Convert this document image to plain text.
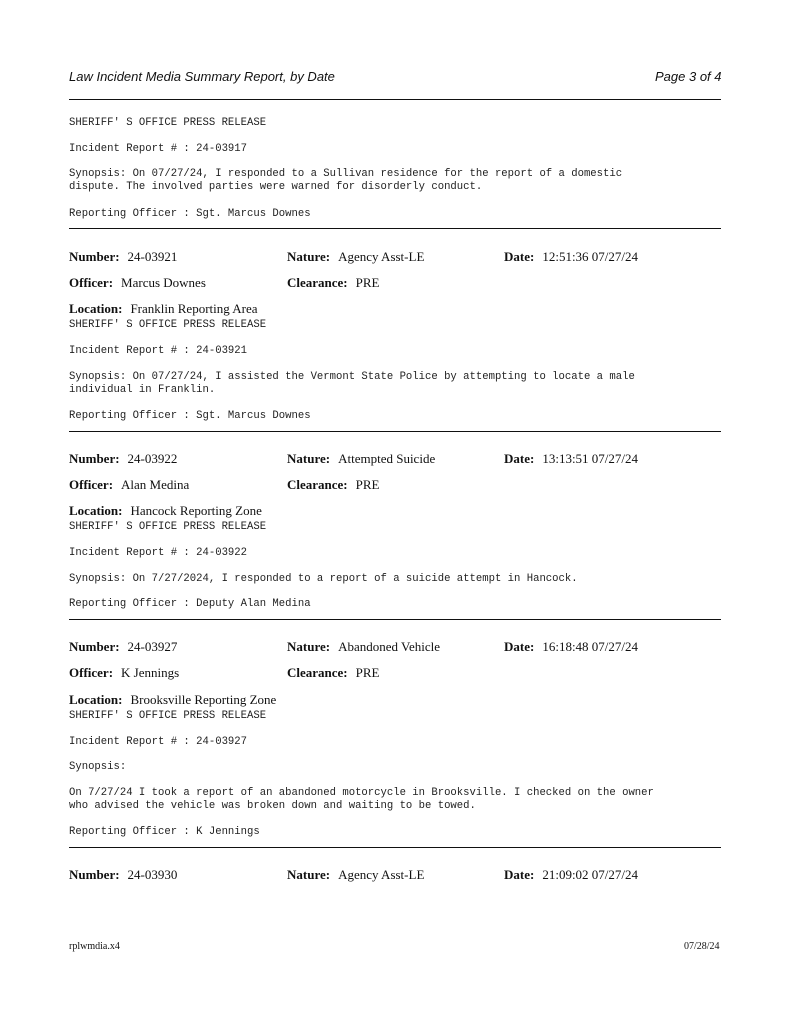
Law Incident Media Summary Report, by Date	Page 3 of 4
SHERIFF' S OFFICE PRESS RELEASE
Incident Report # : 24-03917
Synopsis: On 07/27/24, I responded to a Sullivan residence for the report of a domestic
dispute. The involved parties were warned for disorderly conduct.
Reporting Officer : Sgt. Marcus Downes
Number: 24-03921	Nature: Agency Asst-LE	Date: 12:51:36 07/27/24
Officer: Marcus Downes	Clearance: PRE
Location: Franklin Reporting Area
SHERIFF' S OFFICE PRESS RELEASE
Incident Report # : 24-03921
Synopsis: On 07/27/24, I assisted the Vermont State Police by attempting to locate a male
individual in Franklin.
Reporting Officer : Sgt. Marcus Downes
Number: 24-03922	Nature: Attempted Suicide	Date: 13:13:51 07/27/24
Officer: Alan Medina	Clearance: PRE
Location: Hancock Reporting Zone
SHERIFF' S OFFICE PRESS RELEASE
Incident Report # : 24-03922
Synopsis: On 7/27/2024, I responded to a report of a suicide attempt in Hancock.
Reporting Officer : Deputy Alan Medina
Number: 24-03927	Nature: Abandoned Vehicle	Date: 16:18:48 07/27/24
Officer: K Jennings	Clearance: PRE
Location: Brooksville Reporting Zone
SHERIFF' S OFFICE PRESS RELEASE
Incident Report # : 24-03927
Synopsis:
On 7/27/24 I took a report of an abandoned motorcycle in Brooksville. I checked on the owner
who advised the vehicle was broken down and waiting to be towed.
Reporting Officer : K Jennings
Number: 24-03930	Nature: Agency Asst-LE	Date: 21:09:02 07/27/24
rplwmdia.x4	07/28/24
